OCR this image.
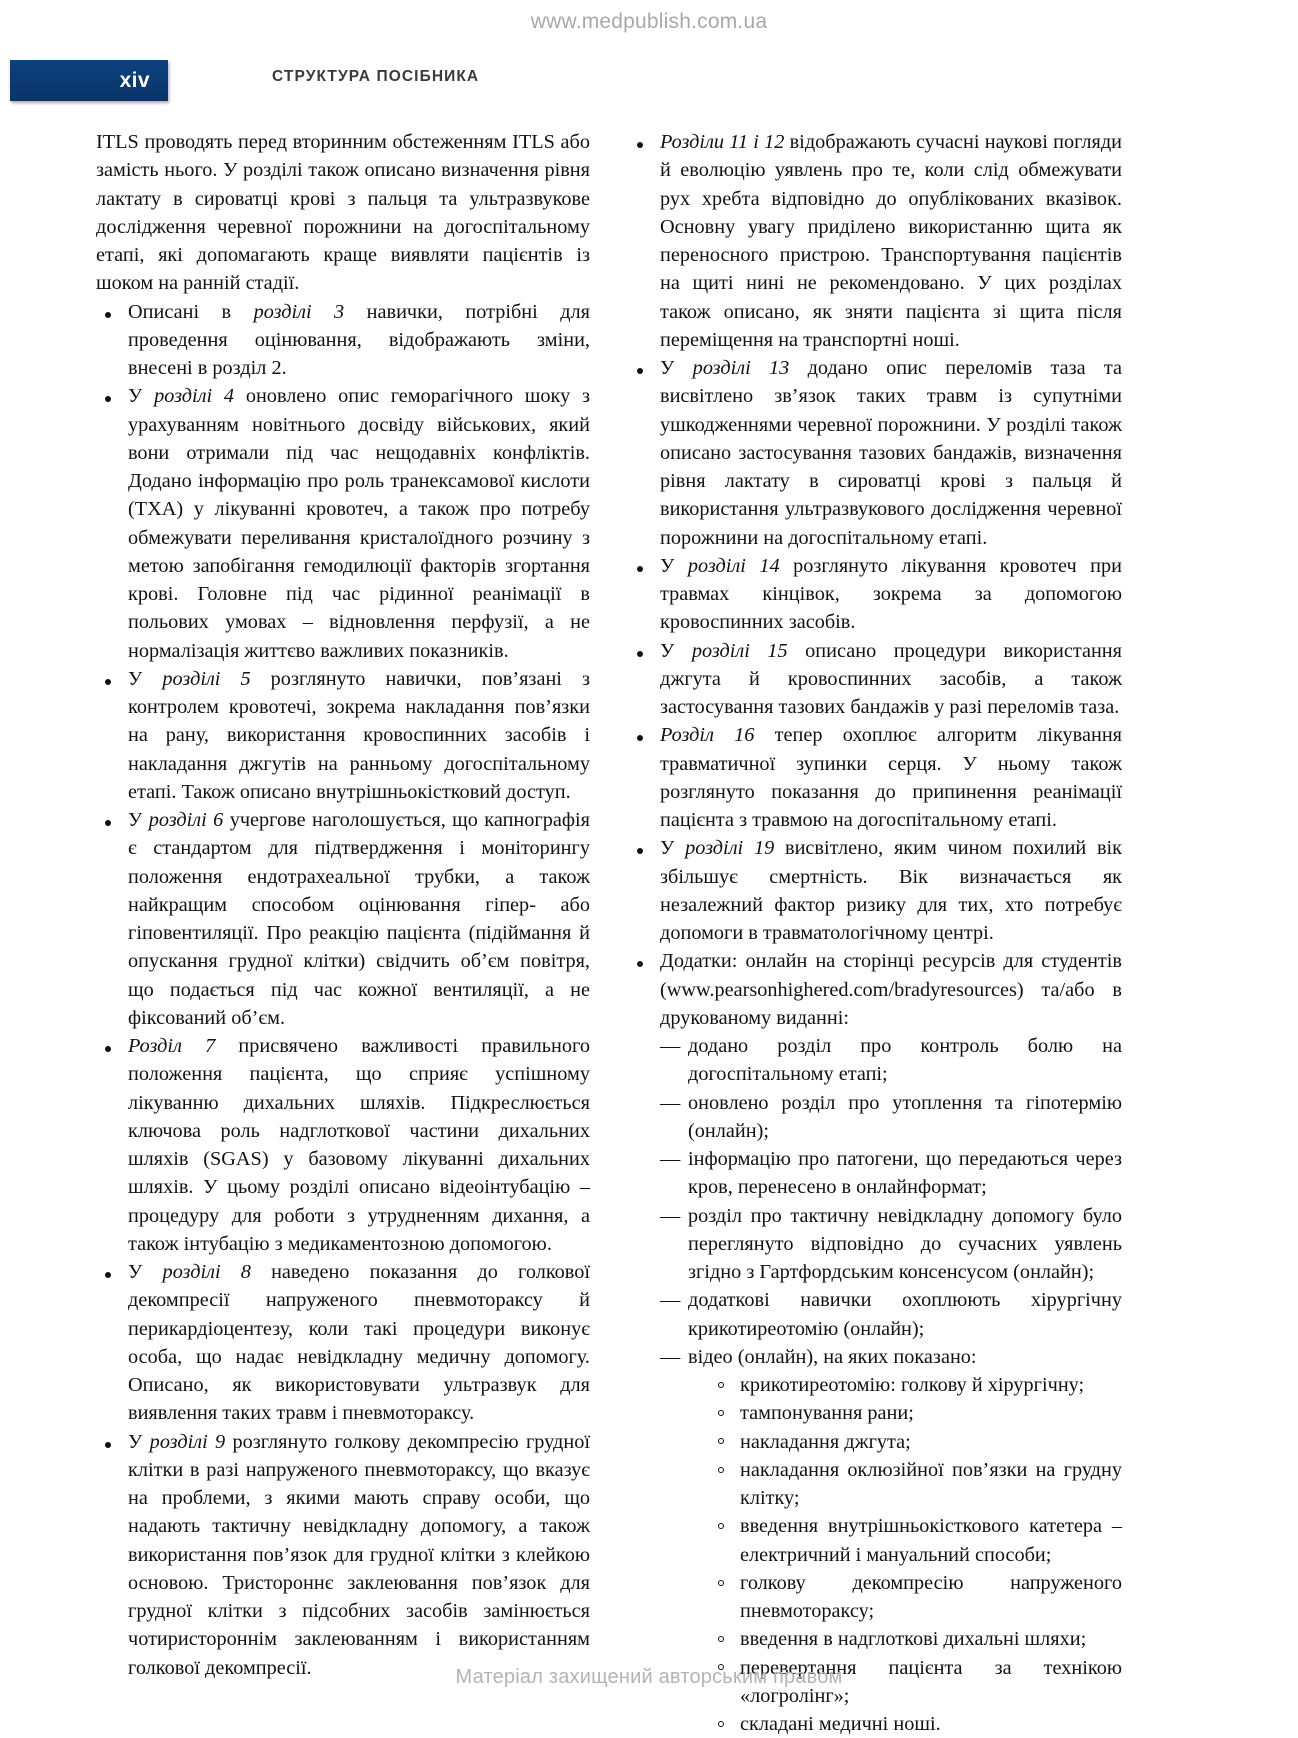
www.medpublish.com.ua
xiv	СТРУКТУРА ПОСІБНИКА

ITLS проводять перед вторинним обстеженням ITLS або замість нього. У розділі також описано визначення рівня лактату в сироватці крові з пальця та ультразвукове дослідження черевної порожнини на догоспітальному етапі, які допомагають краще виявляти пацієнтів із шоком на ранній стадії.

Описані в розділі 3 навички, потрібні для проведення оцінювання, відображають зміни, внесені в розділ 2.
У розділі 4 оновлено опис геморагічного шоку з урахуванням новітнього досвіду військових, який вони отримали під час нещодавніх конфліктів. Додано інформацію про роль транексамової кислоти (ТХА) у лікуванні кровотеч, а також про потребу обмежувати переливання кристалоїдного розчину з метою запобігання гемодилюції факторів згортання крові. Головне під час рідинної реанімації в польових умовах – відновлення перфузії, а не нормалізація життєво важливих показників.
У розділі 5 розглянуто навички, пов’язані з контролем кровотечі, зокрема накладання пов’язки на рану, використання кровоспинних засобів і накладання джгутів на ранньому догоспітальному етапі. Також описано внутрішньокістковий доступ.
У розділі 6 учергове наголошується, що капнографія є стандартом для підтвердження і моніторингу положення ендотрахеальної трубки, а також найкращим способом оцінювання гіпер- або гіповентиляції. Про реакцію пацієнта (підіймання й опускання грудної клітки) свідчить об’єм повітря, що подається під час кожної вентиляції, а не фіксований об’єм.
Розділ 7 присвячено важливості правильного положення пацієнта, що сприяє успішному лікуванню дихальних шляхів. Підкреслюється ключова роль надглоткової частини дихальних шляхів (SGAS) у базовому лікуванні дихальних шляхів. У цьому розділі описано відеоінтубацію – процедуру для роботи з утрудненням дихання, а також інтубацію з медикаментозною допомогою.
У розділі 8 наведено показання до голкової декомпресії напруженого пневмотораксу й перикардіоцентезу, коли такі процедури виконує особа, що надає невідкладну медичну допомогу. Описано, як використовувати ультразвук для виявлення таких травм і пневмотораксу.
У розділі 9 розглянуто голкову декомпресію грудної клітки в разі напруженого пневмотораксу, що вказує на проблеми, з якими мають справу особи, що надають тактичну невідкладну допомогу, а також використання пов’язок для грудної клітки з клейкою основою. Тристороннє заклеювання пов’язок для грудної клітки з підсобних засобів замінюється чотиристороннім заклеюванням і використанням голкової декомпресії.
Розділи 11 і 12 відображають сучасні наукові погляди й еволюцію уявлень про те, коли слід обмежувати рух хребта відповідно до опублікованих вказівок. Основну увагу приділено використанню щита як переносного пристрою. Транспортування пацієнтів на щиті нині не рекомендовано. У цих розділах також описано, як зняти пацієнта зі щита після переміщення на транспортні ноші.
У розділі 13 додано опис переломів таза та висвітлено зв’язок таких травм із супутніми ушкодженнями черевної порожнини. У розділі також описано застосування тазових бандажів, визначення рівня лактату в сироватці крові з пальця й використання ультразвукового дослідження черевної порожнини на догоспітальному етапі.
У розділі 14 розглянуто лікування кровотеч при травмах кінцівок, зокрема за допомогою кровоспинних засобів.
У розділі 15 описано процедури використання джгута й кровоспинних засобів, а також застосування тазових бандажів у разі переломів таза.
Розділ 16 тепер охоплює алгоритм лікування травматичної зупинки серця. У ньому також розглянуто показання до припинення реанімації пацієнта з травмою на догоспітальному етапі.
У розділі 19 висвітлено, яким чином похилий вік збільшує смертність. Вік визначається як незалежний фактор ризику для тих, хто потребує допомоги в травматологічному центрі.
Додатки: онлайн на сторінці ресурсів для студентів (www.pearsonhighered.com/bradyresources) та/або в друкованому виданні:
— додано розділ про контроль болю на догоспітальному етапі;
— оновлено розділ про утоплення та гіпотермію (онлайн);
— інформацію про патогени, що передаються через кров, перенесено в онлайнформат;
— розділ про тактичну невідкладну допомогу було переглянуто відповідно до сучасних уявлень згідно з Гартфордським консенсусом (онлайн);
— додаткові навички охоплюють хірургічну крикотиреотомію (онлайн);
— відео (онлайн), на яких показано:
крикотиреотомію: голкову й хірургічну;
тампонування рани;
накладання джгута;
накладання оклюзійної пов’язки на грудну клітку;
введення внутрішньокісткового катетера – електричний і мануальний способи;
голкову декомпресію напруженого пневмотораксу;
введення в надглоткові дихальні шляхи;
перевертання пацієнта за технікою «логролінг»;
складані медичні ноші.
Матеріал захищений авторським правом
